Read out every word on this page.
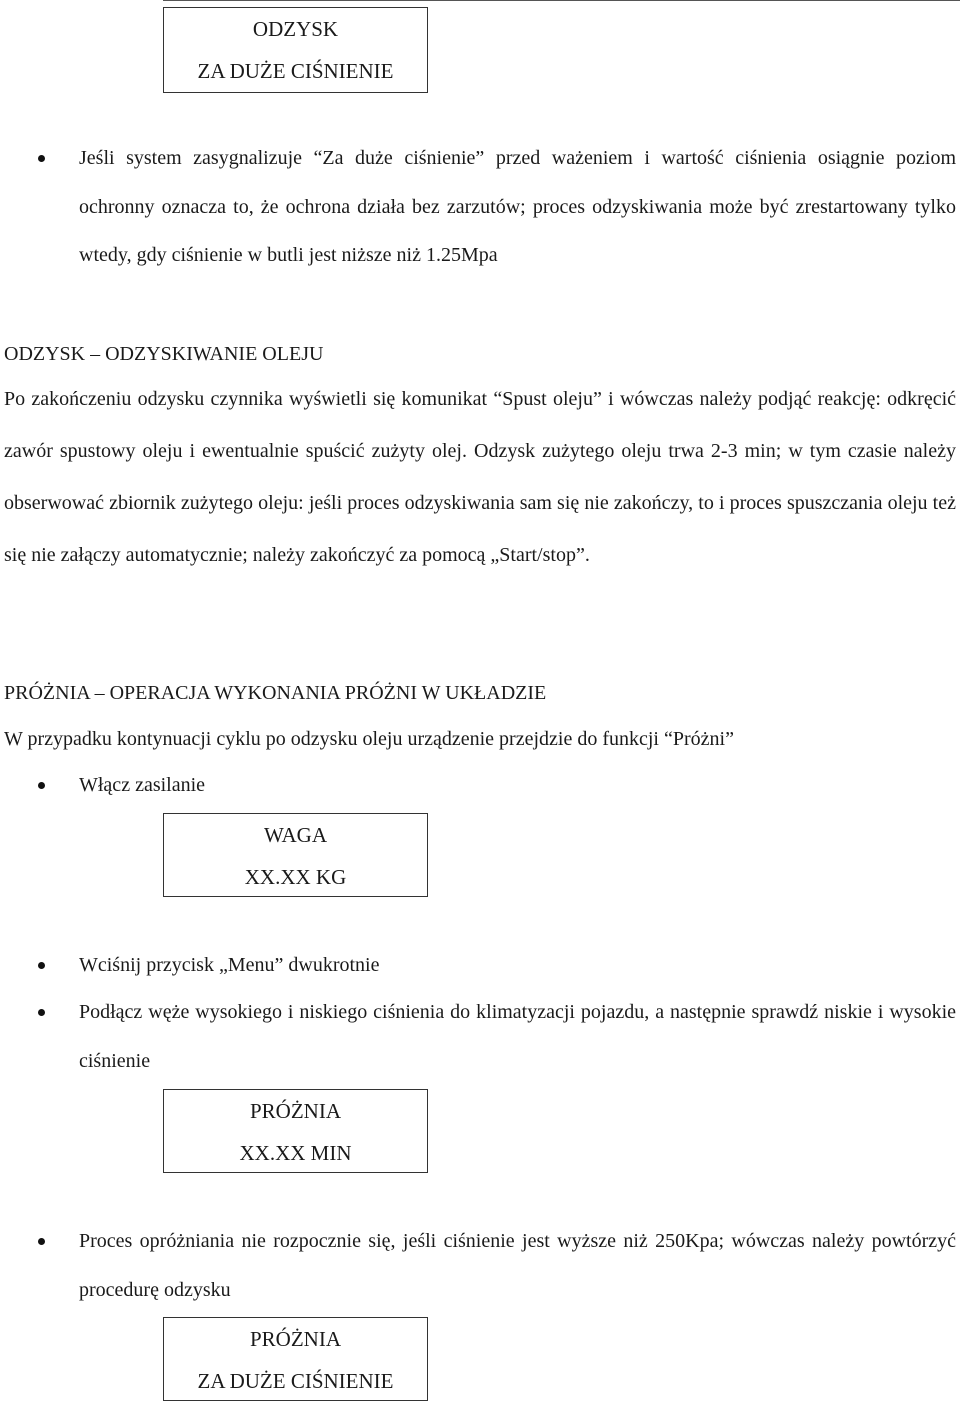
ODZYSK
ZA DUŻE CIŚNIENIE
Jeśli system zasygnalizuje “Za duże ciśnienie” przed ważeniem i wartość ciśnienia osiągnie poziom ochronny oznacza to, że ochrona działa bez zarzutów; proces odzyskiwania może być zrestartowany tylko wtedy, gdy ciśnienie w butli jest niższe niż 1.25Mpa
ODZYSK – ODZYSKIWANIE OLEJU
Po zakończeniu odzysku czynnika wyświetli się komunikat “Spust oleju” i wówczas należy podjąć reakcję: odkręcić zawór spustowy oleju i ewentualnie spuścić zużyty olej. Odzysk zużytego oleju trwa 2-3 min; w tym czasie należy obserwować zbiornik zużytego oleju: jeśli proces odzyskiwania sam się nie zakończy, to i proces spuszczania oleju też się nie załączy automatycznie; należy zakończyć za pomocą „Start/stop”.
PRÓŻNIA – OPERACJA WYKONANIA PRÓŻNI W UKŁADZIE
W przypadku kontynuacji cyklu po odzysku oleju urządzenie przejdzie do funkcji “Próżni”
Włącz zasilanie
WAGA
XX.XX KG
Wciśnij przycisk „Menu” dwukrotnie
Podłącz węże wysokiego i niskiego ciśnienia do klimatyzacji pojazdu, a następnie sprawdź niskie i wysokie ciśnienie
PRÓŻNIA
XX.XX MIN
Proces opróżniania nie rozpocznie się, jeśli ciśnienie jest wyższe niż 250Kpa; wówczas należy powtórzyć procedurę odzysku
PRÓŻNIA
ZA DUŻE CIŚNIENIE
